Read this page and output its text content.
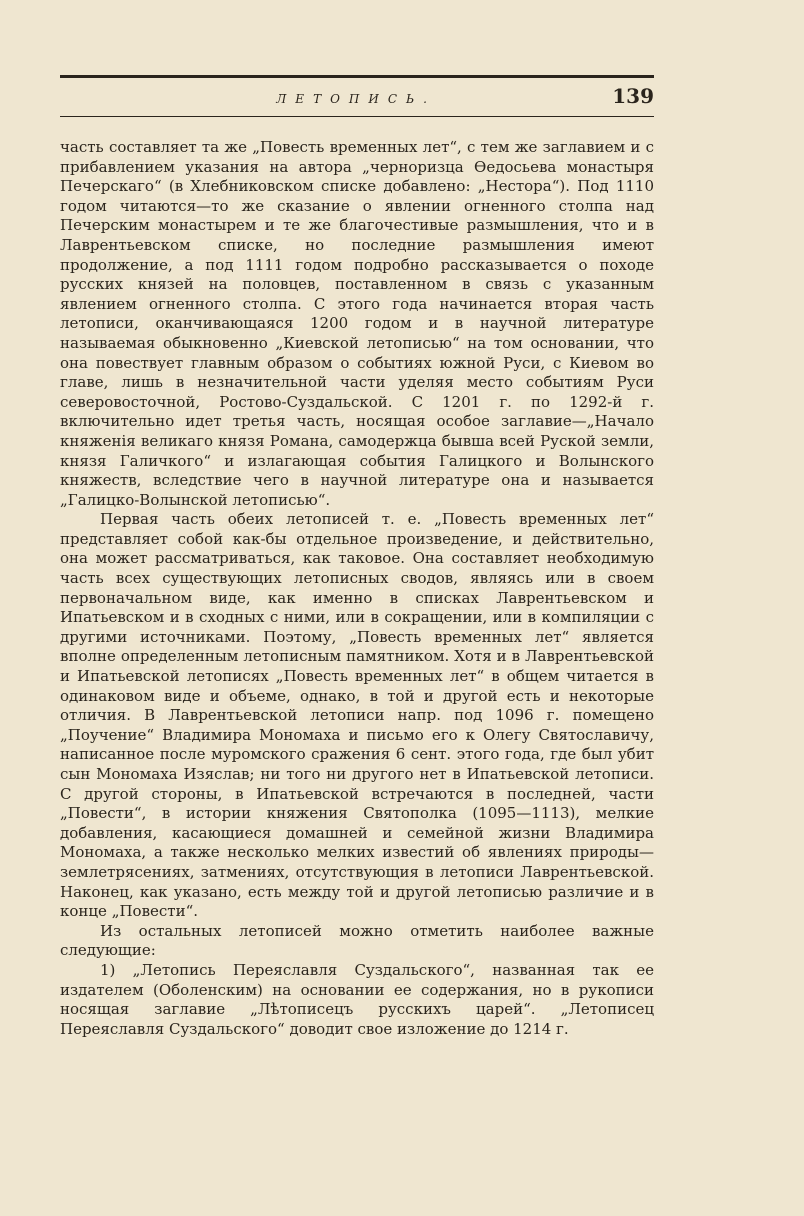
ЛЕТОПИСЬ.	139

часть составляет та же „Повесть временных лет“, с тем же заглавием и с прибавлением указания на автора „черноризца Өедосьева монастыря Печерскаго“ (в Хлебниковском списке добавлено: „Нестора“). Под 1110 годом читаются—то же сказание о явлении огненного столпа над Печерским монастырем и те же благочестивые размышления, что и в Лаврентьевском списке, но последние размышления имеют продолжение, а под 1111 годом подробно рассказывается о походе русских князей на половцев, поставленном в связь с указанным явлением огненного столпа. С этого года начинается вторая часть летописи, оканчивающаяся 1200 годом и в научной литературе называемая обыкновенно „Киевской летописью“ на том основании, что она повествует главным образом о событиях южной Руси, с Киевом во главе, лишь в незначительной части уделяя место событиям Руси северовосточной, Ростово-Суздальской. С 1201 г. по 1292-й г. включительно идет третья часть, носящая особое заглавие—„Начало княженія великаго князя Романа, самодержца бывша всей Руской земли, князя Галичкого“ и излагающая события Галицкого и Волынского княжеств, вследствие чего в научной литературе она и называется „Галицко-Волынской летописью“.

Первая часть обеих летописей т. е. „Повесть временных лет“ представляет собой как-бы отдельное произведение, и действительно, она может рассматриваться, как таковое. Она составляет необходимую часть всех существующих летописных сводов, являясь или в своем первоначальном виде, как именно в списках Лаврентьевском и Ипатьевском и в сходных с ними, или в сокращении, или в компиляции с другими источниками. Поэтому, „Повесть временных лет“ является вполне определенным летописным памятником. Хотя и в Лаврентьевской и Ипатьевской летописях „Повесть временных лет“ в общем читается в одинаковом виде и объеме, однако, в той и другой есть и некоторые отличия. В Лаврентьевской летописи напр. под 1096 г. помещено „Поучение“ Владимира Мономаха и письмо его к Олегу Святославичу, написанное после муромского сражения 6 сент. этого года, где был убит сын Мономаха Изяслав; ни того ни другого нет в Ипатьевской летописи. С другой стороны, в Ипатьевской встречаются в последней, части „Повести“, в истории княжения Святополка (1095—1113), мелкие добавления, касающиеся домашней и семейной жизни Владимира Мономаха, а также несколько мелких известий об явлениях природы—землетрясениях, затмениях, отсутствующия в летописи Лаврентьевской. Наконец, как указано, есть между той и другой летописью различие и в конце „Повести“.

Из остальных летописей можно отметить наиболее важные следующие:

1) „Летопись Переяславля Суздальского“, названная так ее издателем (Оболенским) на основании ее содержания, но в рукописи носящая заглавие „Лѣтописецъ русскихъ царей“. „Летописец Переяславля Суздальского“ доводит свое изложение до 1214 г.
